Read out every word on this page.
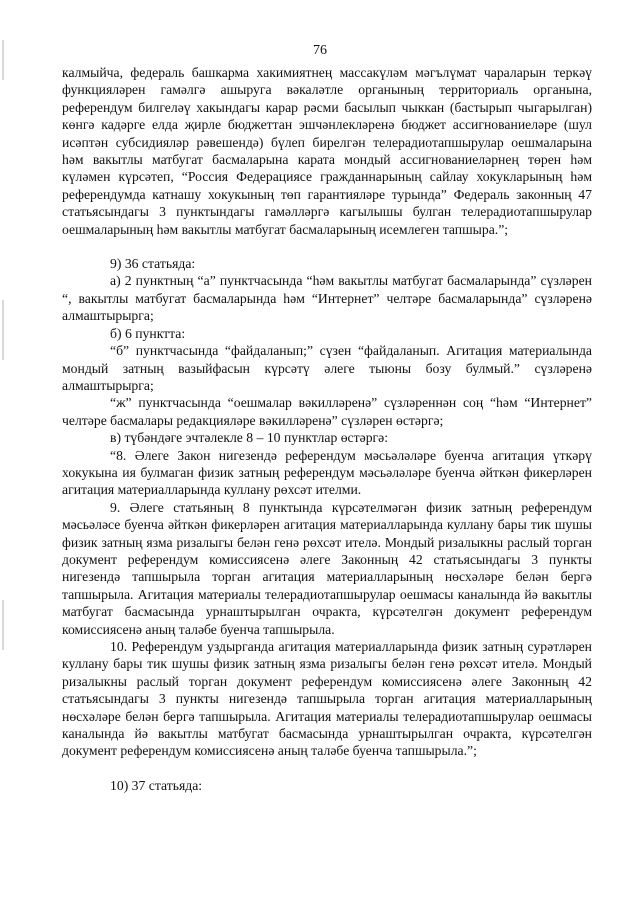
76

калмыйча, федераль башкарма хакимиятнең массакүләм мәгълүмат чараларын теркәү функцияләрен гамәлгә ашыруга вәкаләтле органының территориаль органына, референдум билгеләү хакындагы карар рәсми басылып чыккан (бастырып чыгарылган) көнгә кадәрге елда җирле бюджеттан эшчәнлекләренә бюджет ассигнованиеләре (шул исәптән субсидияләр рәвешендә) бүлеп бирелгән телерадиотапшырулар оешмаларына һәм вакытлы матбугат басмаларына карата мондый ассигнованиеләрнең төрен һәм күләмен күрсәтеп, “Россия Федерациясе гражданнарының сайлау хокукларының һәм референдумда катнашу хокукының төп гарантияләре турында” Федераль законның 47 статьясындагы 3 пунктындагы гамәлләргә кагылышы булган телерадиотапшырулар оешмаларының һәм вакытлы матбугат басмаларының исемлеген тапшыра.”;

9) 36 статьяда:

а) 2 пунктның “а” пунктчасында “һәм вакытлы матбугат басмаларында” сүзләрен “, вакытлы матбугат басмаларында һәм “Интернет” челтәре басмаларында” сүзләренә алмаштырырга;

б) 6 пунктта:

“б” пунктчасында “файдаланып;” сүзен “файдаланып. Агитация материалында мондый затның вазыйфасын күрсәтү әлеге тыюны бозу булмый.” сүзләренә алмаштырырга;

“ж” пунктчасында “оешмалар вәкилләренә” сүзләреннән соң “һәм “Интернет” челтәре басмалары редакцияләре вәкилләренә” сүзләрен өстәргә;

в) түбәндәге эчтәлекле 8 – 10 пунктлар өстәргә:

“8. Әлеге Закон нигезендә референдум мәсьәләләре буенча агитация үткәрү хокукына ия булмаган физик затның референдум мәсьәләләре буенча әйткән фикерләрен агитация материалларында куллану рөхсәт ителми.

9. Әлеге статьяның 8 пунктында күрсәтелмәгән физик затның референдум мәсьәләсе буенча әйткән фикерләрен агитация материалларында куллану бары тик шушы физик затның язма ризалыгы белән генә рөхсәт ителә. Мондый ризалыкны раслый торган документ референдум комиссиясенә әлеге Законның 42 статьясындагы 3 пункты нигезендә тапшырыла торган агитация материалларының нөсхәләре белән бергә тапшырыла. Агитация материалы телерадиотапшырулар оешмасы каналында йә вакытлы матбугат басмасында урнаштырылган очракта, күрсәтелгән документ референдум комиссиясенә аның таләбе буенча тапшырыла.

10. Референдум уздырганда агитация материалларында физик затның сурәтләрен куллану бары тик шушы физик затның язма ризалыгы белән генә рөхсәт ителә. Мондый ризалыкны раслый торган документ референдум комиссиясенә әлеге Законның 42 статьясындагы 3 пункты нигезендә тапшырыла торган агитация материалларының нөсхәләре белән бергә тапшырыла. Агитация материалы телерадиотапшырулар оешмасы каналында йә вакытлы матбугат басмасында урнаштырылган очракта, күрсәтелгән документ референдум комиссиясенә аның таләбе буенча тапшырыла.”;

10) 37 статьяда:
